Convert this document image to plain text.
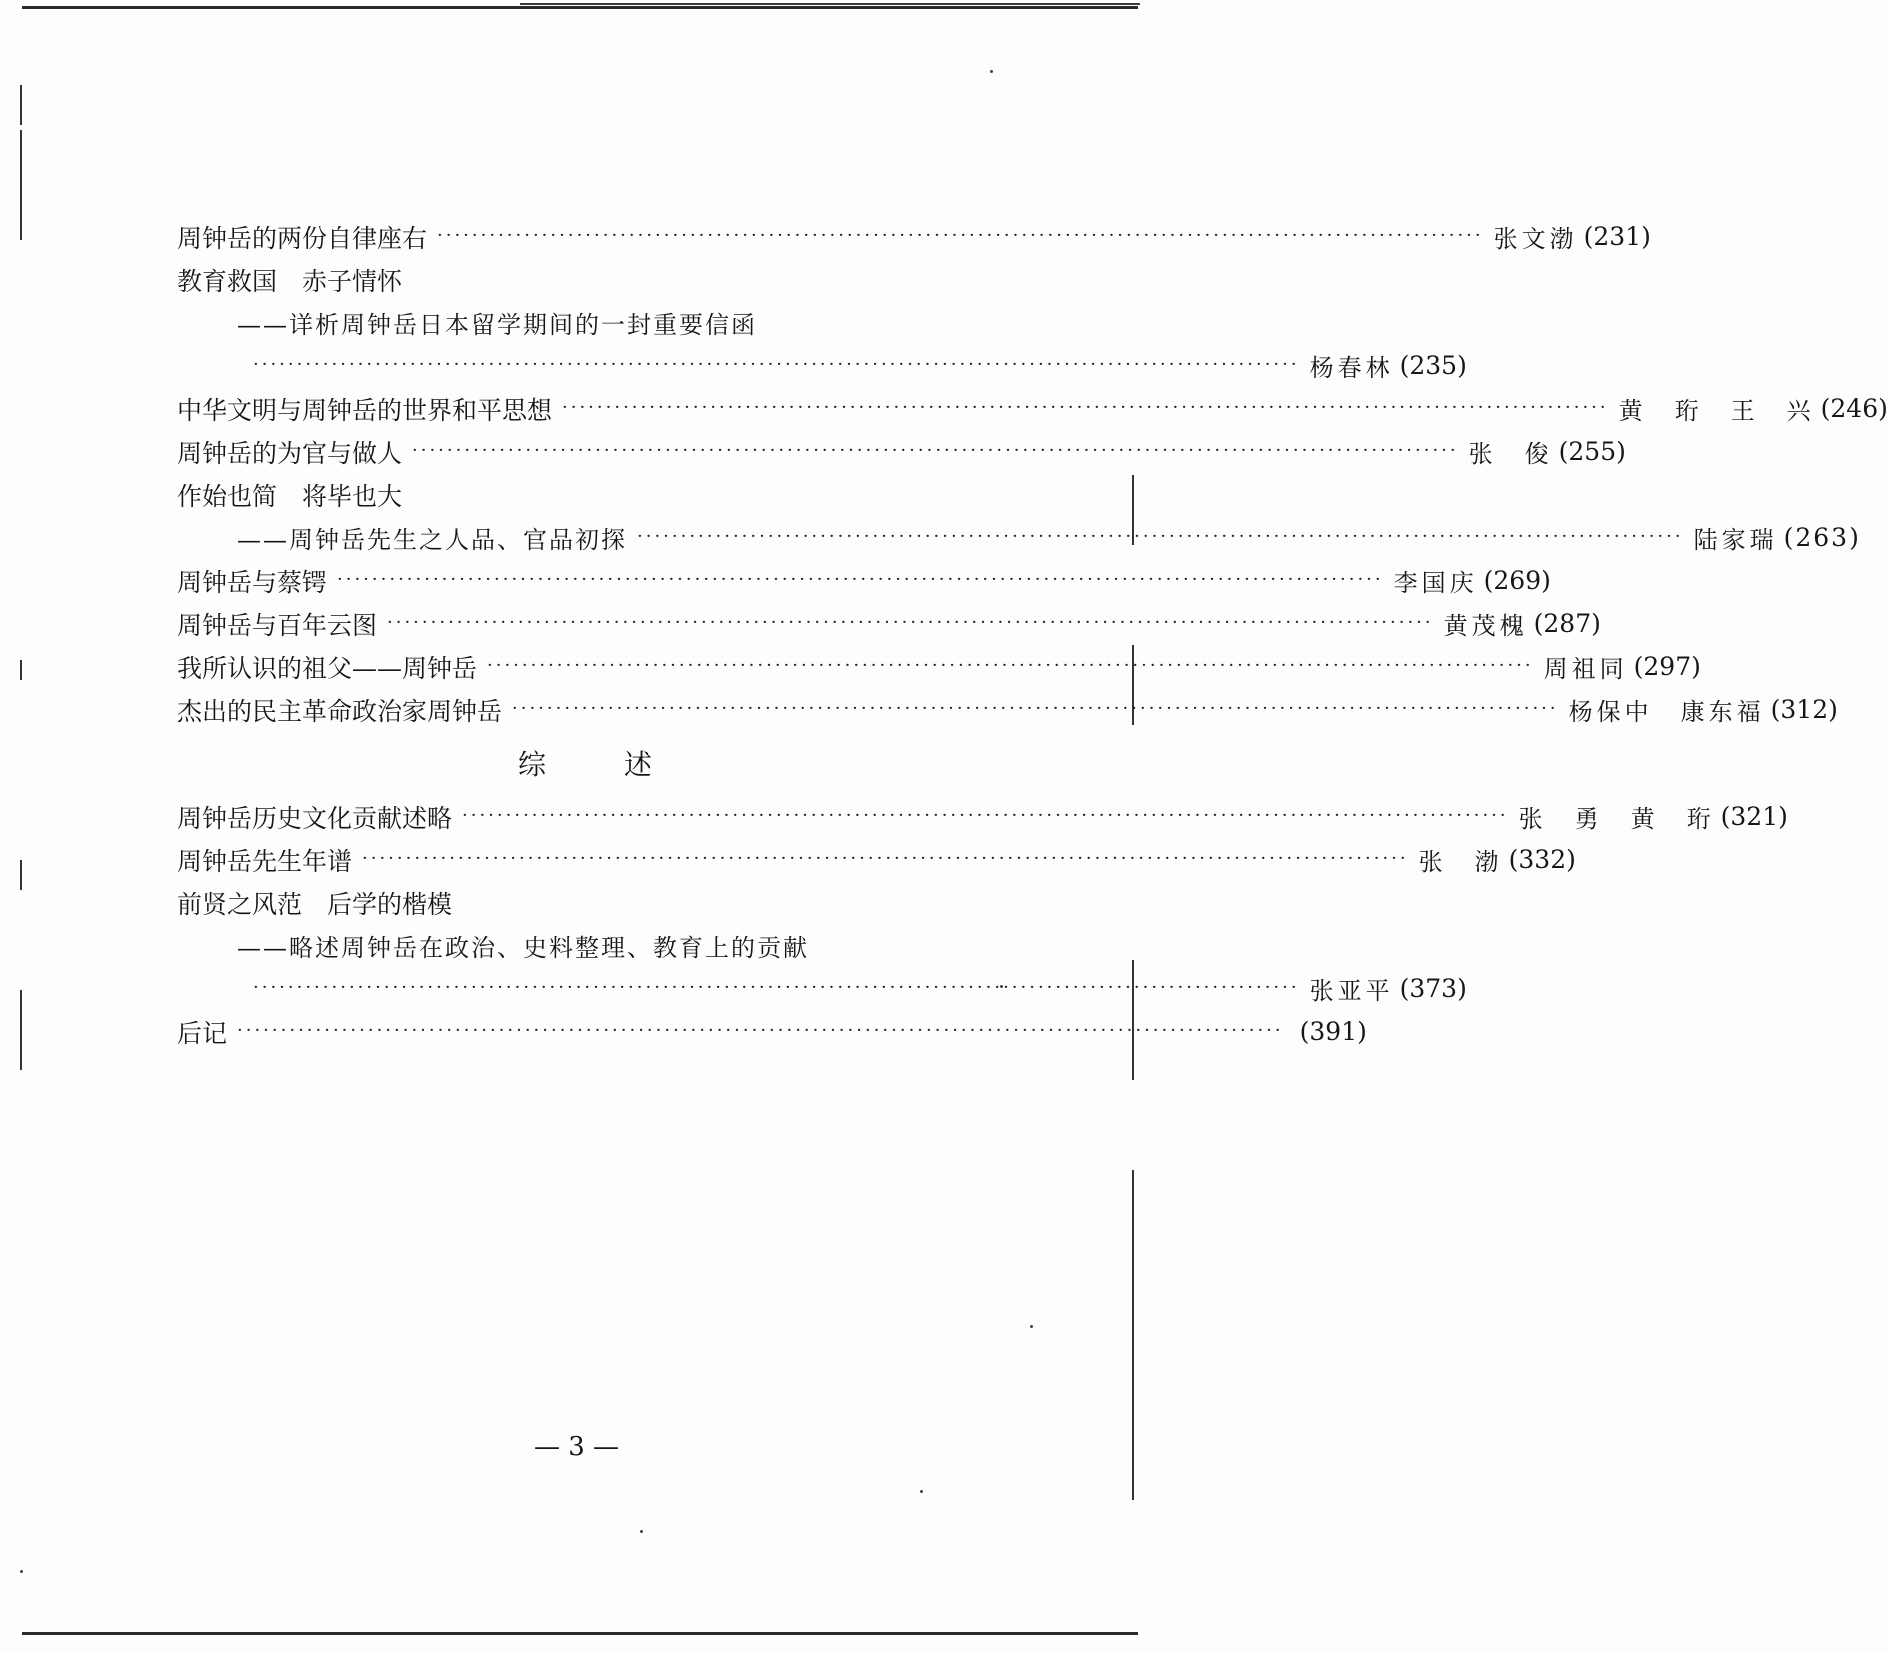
周钟岳的两份自律座右 ························································································································ 张文渤 (231)
教育救国　赤子情怀
——详析周钟岳日本留学期间的一封重要信函
························································································································ 杨春林 (235)
中华文明与周钟岳的世界和平思想 ························································································································ 黄　珩　王　兴 (246)
周钟岳的为官与做人 ························································································································ 张　俊 (255)
作始也简　将毕也大
——周钟岳先生之人品、官品初探 ························································································································ 陆家瑞 (263)
周钟岳与蔡锷 ························································································································ 李国庆 (269)
周钟岳与百年云图 ························································································································ 黄茂槐 (287)
我所认识的祖父——周钟岳 ························································································································ 周祖同 (297)
杰出的民主革命政治家周钟岳 ························································································································ 杨保中　康东福 (312)
综述
周钟岳历史文化贡献述略 ························································································································ 张　勇　黄　珩 (321)
周钟岳先生年谱 ························································································································ 张　渤 (332)
前贤之风范　后学的楷模
——略述周钟岳在政治、史料整理、教育上的贡献
························································································································ 张亚平 (373)
后记 ························································································································ (391)
— 3 —
